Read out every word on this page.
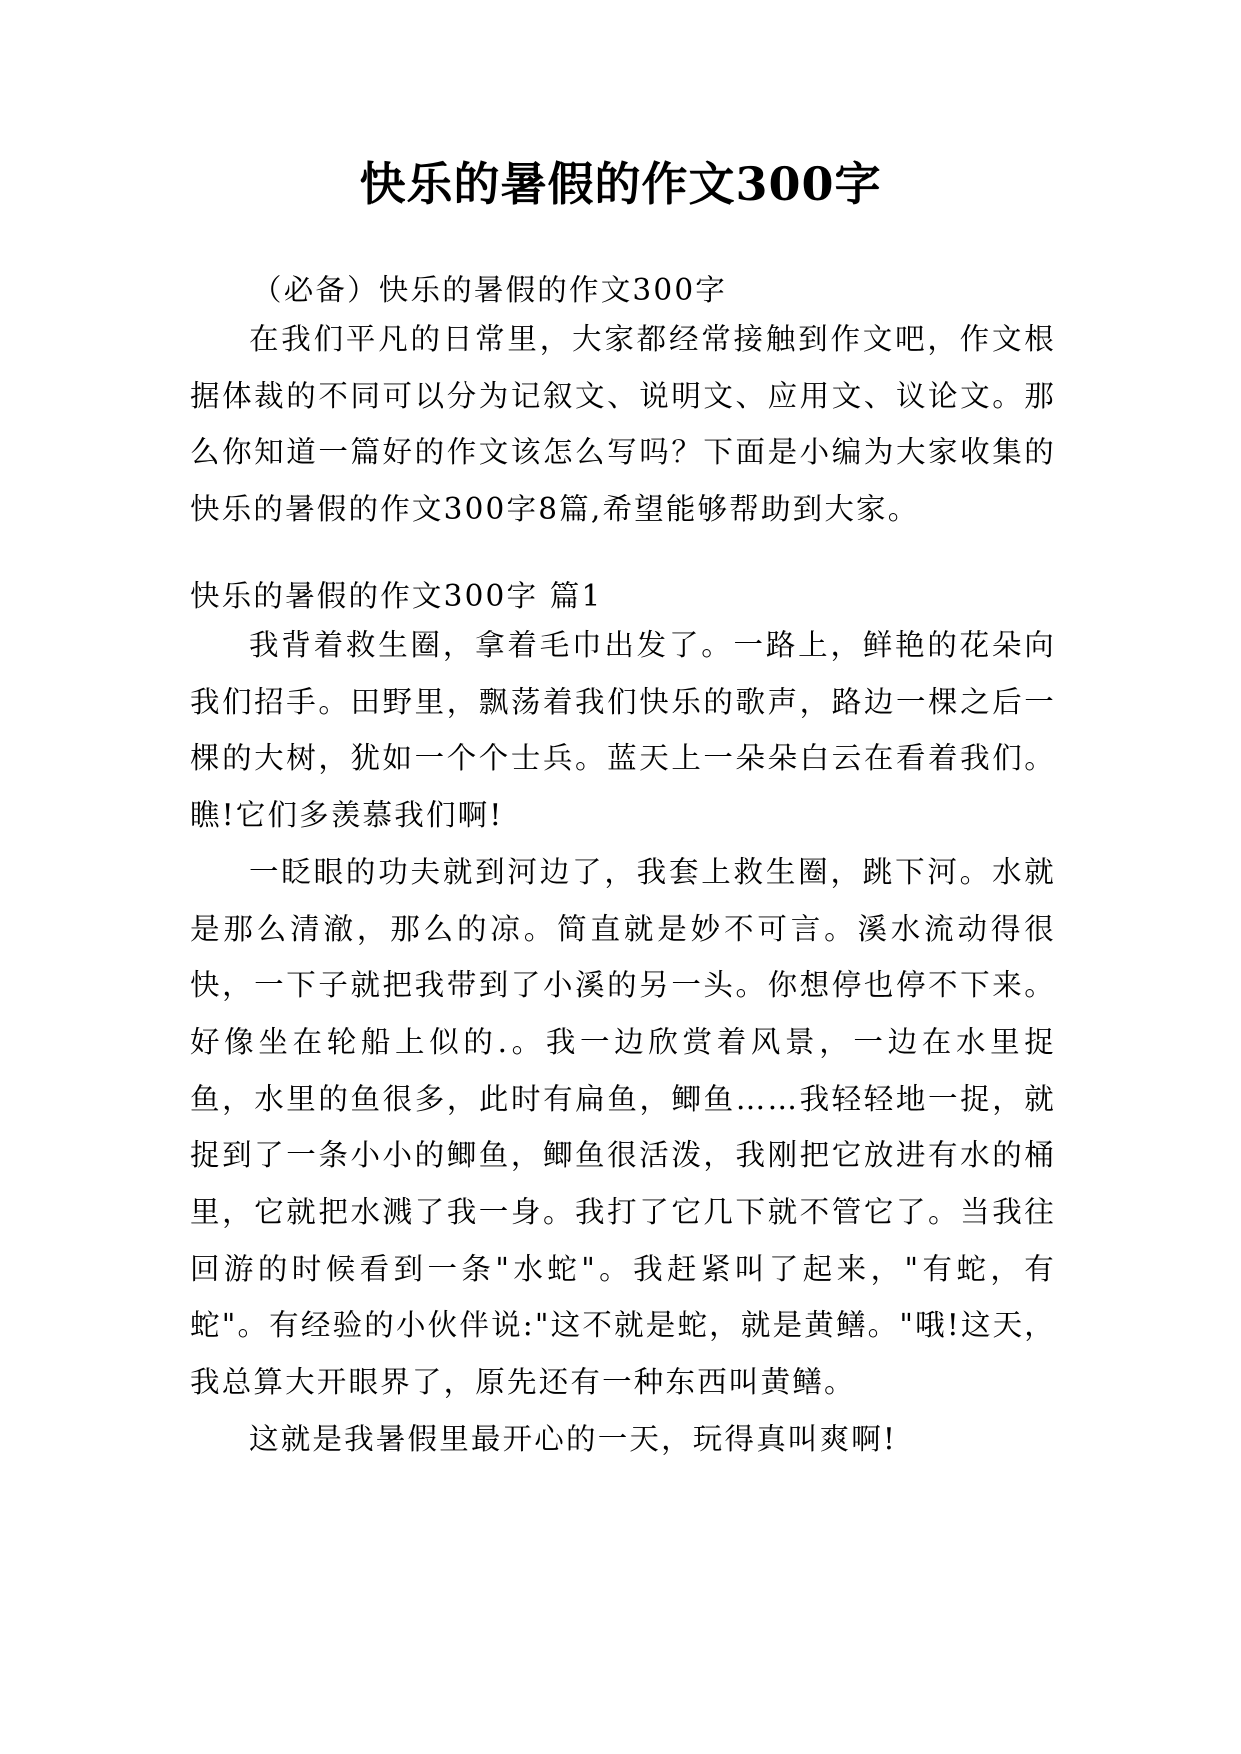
快乐的暑假的作文300字
（必备）快乐的暑假的作文300字

在我们平凡的日常里，大家都经常接触到作文吧，作文根据体裁的不同可以分为记叙文、说明文、应用文、议论文。那么你知道一篇好的作文该怎么写吗？下面是小编为大家收集的快乐的暑假的作文300字8篇,希望能够帮助到大家。

快乐的暑假的作文300字 篇1

我背着救生圈，拿着毛巾出发了。一路上，鲜艳的花朵向我们招手。田野里，飘荡着我们快乐的歌声，路边一棵之后一棵的大树，犹如一个个士兵。蓝天上一朵朵白云在看着我们。瞧!它们多羡慕我们啊!

一眨眼的功夫就到河边了，我套上救生圈，跳下河。水就是那么清澈，那么的凉。简直就是妙不可言。溪水流动得很快，一下子就把我带到了小溪的另一头。你想停也停不下来。好像坐在轮船上似的.。我一边欣赏着风景，一边在水里捉鱼，水里的鱼很多，此时有扁鱼，鲫鱼……我轻轻地一捉，就捉到了一条小小的鲫鱼，鲫鱼很活泼，我刚把它放进有水的桶里，它就把水溅了我一身。我打了它几下就不管它了。当我往回游的时候看到一条"水蛇"。我赶紧叫了起来，"有蛇，有蛇"。有经验的小伙伴说:"这不就是蛇，就是黄鳝。"哦!这天，我总算大开眼界了，原先还有一种东西叫黄鳝。

这就是我暑假里最开心的一天，玩得真叫爽啊!
